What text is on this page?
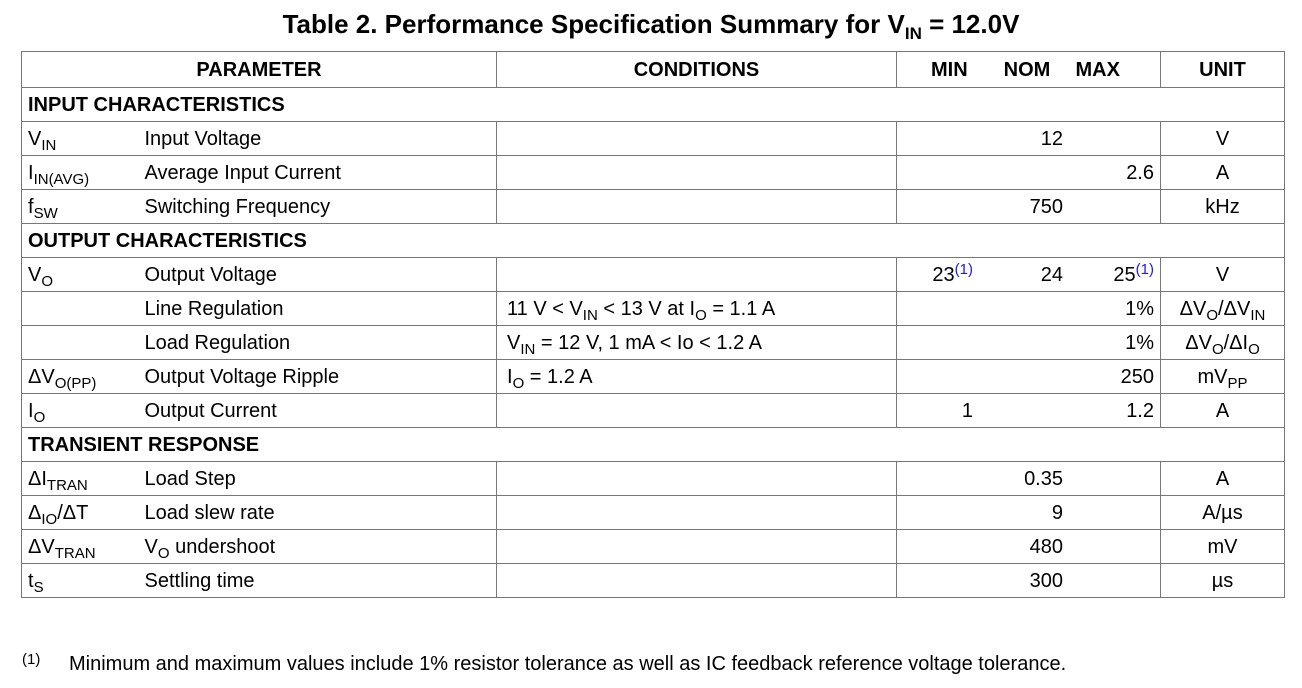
Table 2. Performance Specification Summary for $V_{IN} = 12.0V$
PARAMETER		CONDITIONS	MIN NOM	MAX	UNIT
INPUT CHARACTERISTICS					
$V_{IN}$	Input Voltage		12		V
$I_{IN(AVG)}$	Average Input Current			2.6	A
$f_{SW}$	Switching Frequency		750		kHz
OUTPUT CHARACTERISTICS					
$V_O$	Output Voltage		23$^{(1)}$ 24	25$^{(1)}$	V
	Line Regulation	11 $V < V_{IN} < 13$ V at $I_O = 1.1$ A		1%	$\Delta V_O/\Delta V_{IN}$
	Load Regulation	$V_{IN} = 12$ V, 1 mA < Io < 1.2 A		1%	$\Delta V_O/\Delta I_O$
$\Delta V_{O(PP)}$	Output Voltage Ripple	$I_O = 1.2$ A		250	$mV_{PP}$
$I_O$	Output Current		1	1.2	A
TRANSIENT RESPONSE					
$\Delta I_{TRAN}$	Load Step		0.35		A
$\Delta_{IO}/\Delta T$	Load slew rate		9		A/µs
$\Delta V_{TRAN}$	$V_O$ undershoot		480		mV
$t_S$	Settling time		300		µs
(1) Minimum and maximum values include 1% resistor tolerance as well as IC feedback reference voltage tolerance.
